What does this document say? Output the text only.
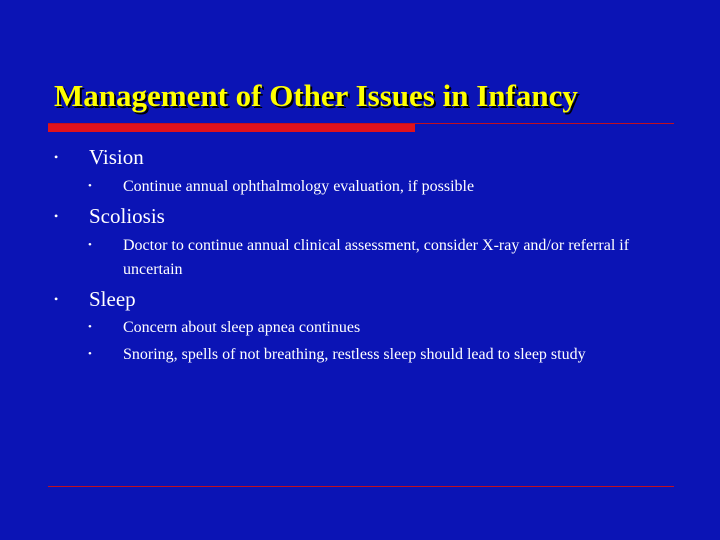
Management of Other Issues in Infancy
• Vision
• Continue annual ophthalmology evaluation, if possible
• Scoliosis
• Doctor to continue annual clinical assessment, consider X-ray and/or referral if uncertain
• Sleep
• Concern about sleep apnea continues
• Snoring, spells of not breathing, restless sleep should lead to sleep study
